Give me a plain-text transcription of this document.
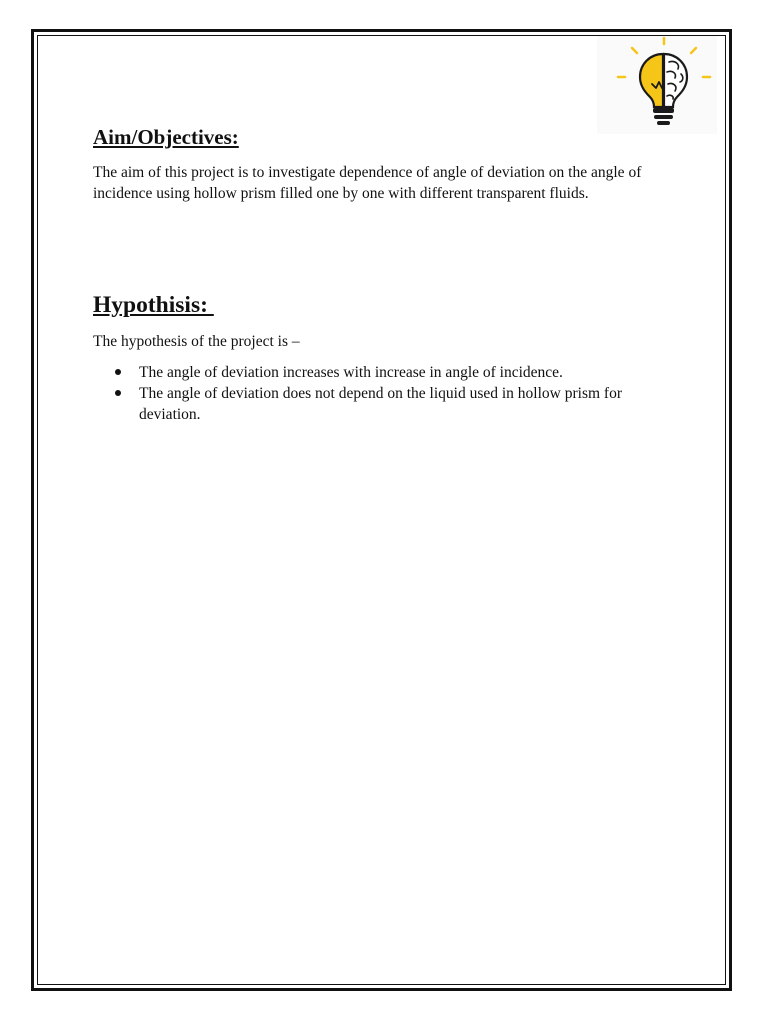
Aim/Objectives:

The aim of this project is to investigate dependence of angle of deviation on the angle of incidence using hollow prism filled one by one with different transparent fluids.

Hypothisis:

The hypothesis of the project is –

The angle of deviation increases with increase in angle of incidence.
The angle of deviation does not depend on the liquid used in hollow prism for deviation.
